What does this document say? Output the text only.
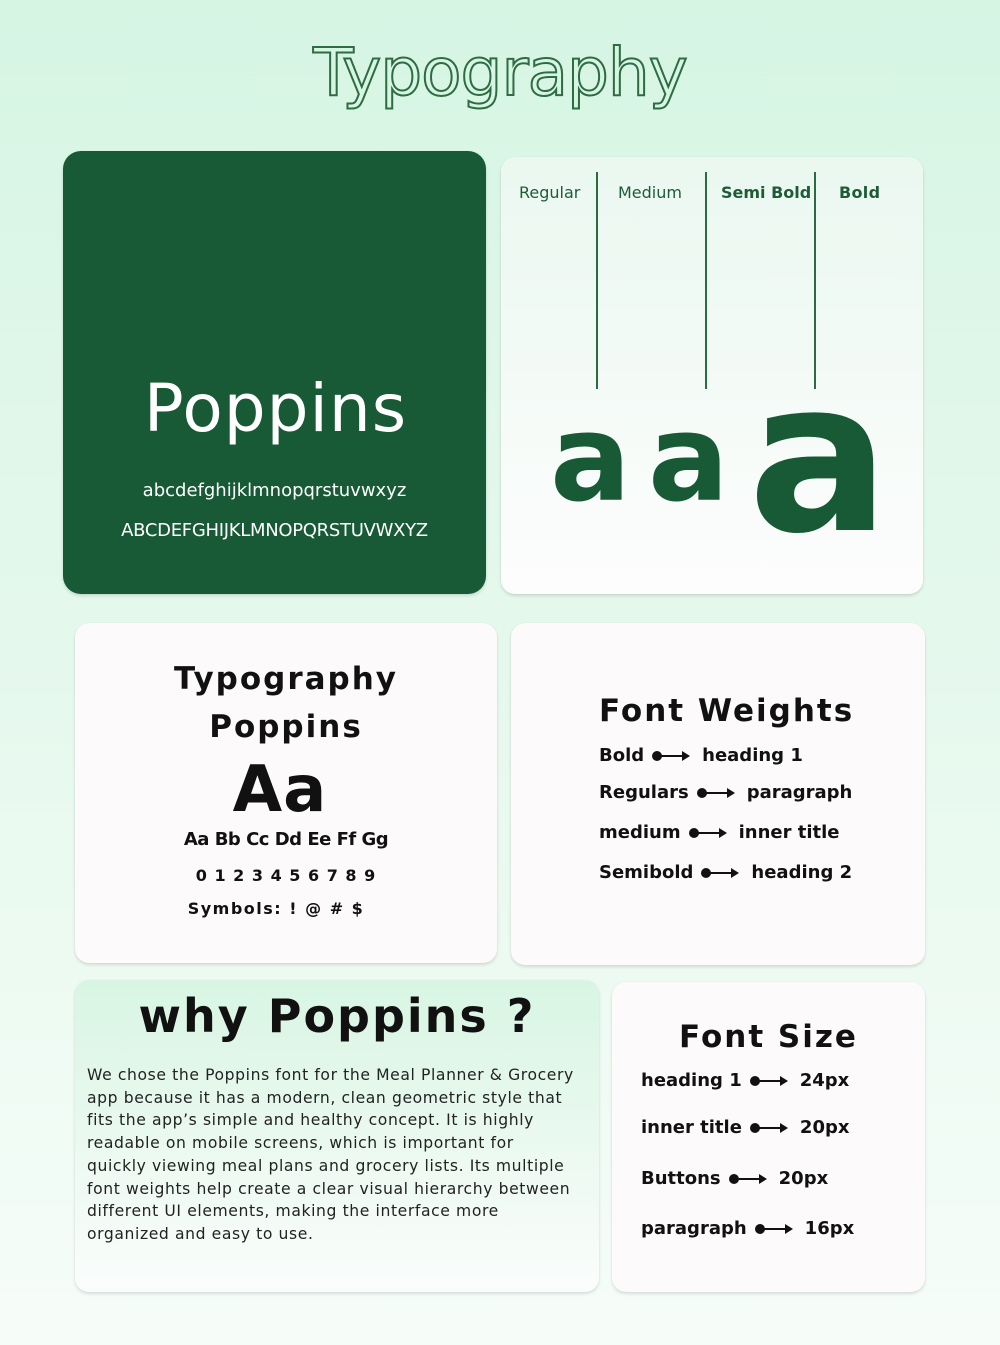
Typography
Poppins
abcdefghijklmnopqrstuvwxyz
ABCDEFGHIJKLMNOPQRSTUVWXYZ
Regular Medium Semi Bold Bold
a a a
Typography
Poppins
Aa
Aa Bb Cc Dd Ee Ff Gg
0 1 2 3 4 5 6 7 8 9
Symbols: ! @ # $
Font Weights
Bold	heading 1
Regulars	paragraph
medium	inner title
Semibold	heading 2
why Poppins ?
We chose the Poppins font for the Meal Planner & Grocery
app because it has a modern, clean geometric style that
fits the app’s simple and healthy concept. It is highly
readable on mobile screens, which is important for
quickly viewing meal plans and grocery lists. Its multiple
font weights help create a clear visual hierarchy between
different UI elements, making the interface more
organized and easy to use.
Font Size
heading 1	24px
inner title	20px
Buttons	20px
paragraph	16px
